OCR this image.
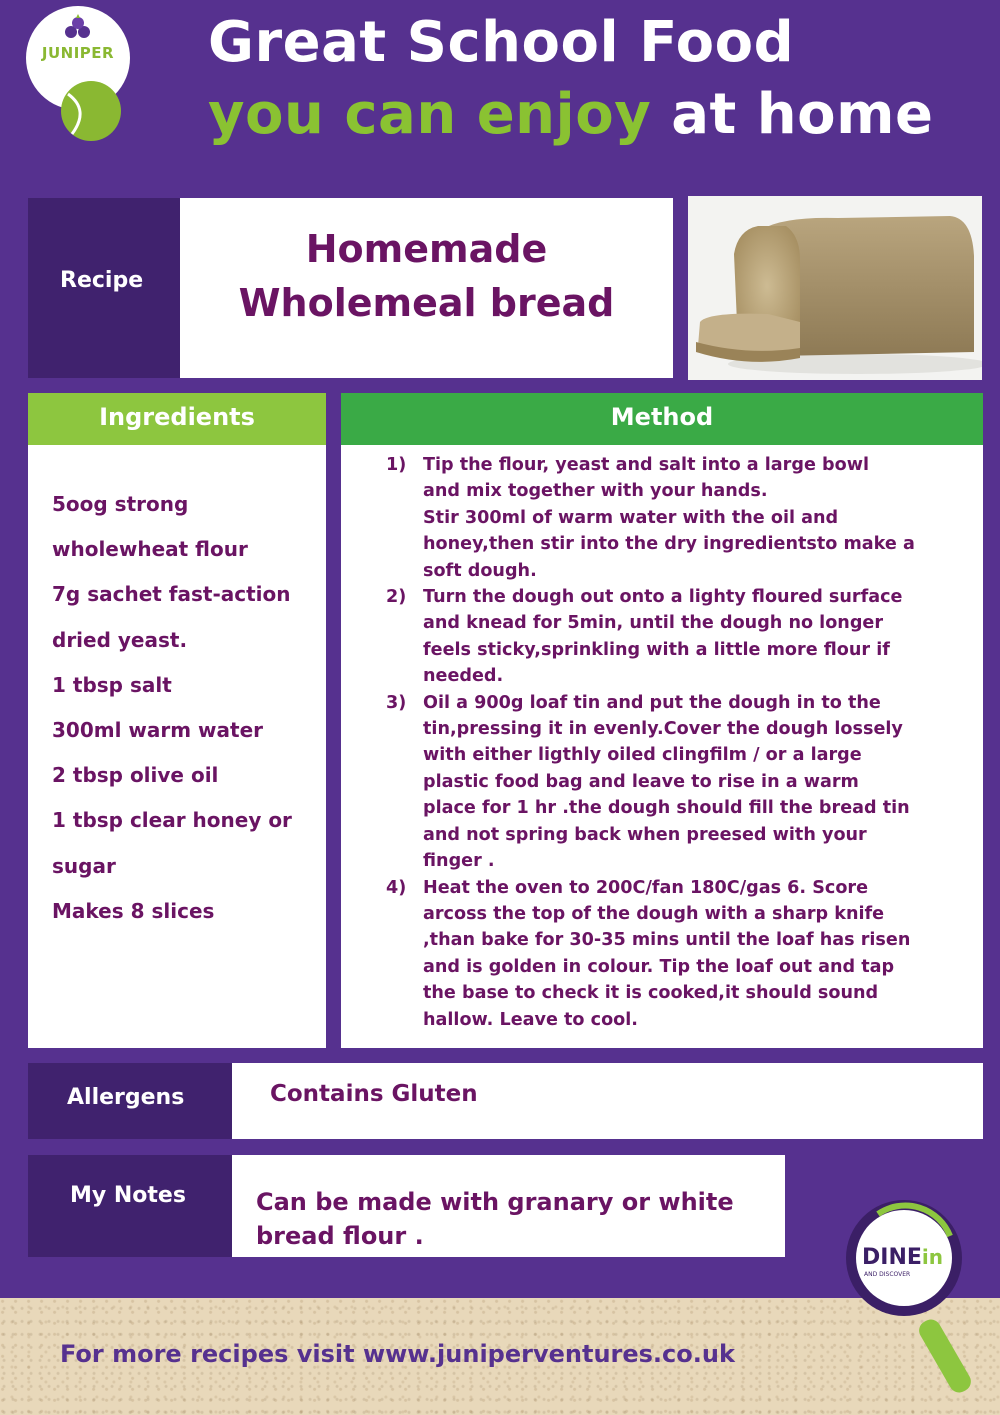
JUNIPER Great School Food
you can enjoy at home
Recipe
Homemade
Wholemeal bread
Ingredients
5oog strong
wholewheat flour
7g sachet fast-action
dried yeast.
1 tbsp salt
300ml warm water
2 tbsp olive oil
1 tbsp clear honey or
sugar
Makes 8 slices
Method
1) Tip the flour, yeast and salt into a large bowl
and mix together with your hands.
Stir 300ml of warm water with the oil and
honey,then stir into the dry ingredientsto make a
soft dough.
2) Turn the dough out onto a lighty floured surface
and knead for 5min, until the dough no longer
feels sticky,sprinkling with a little more flour if
needed.
3) Oil a 900g loaf tin and put the dough in to the
tin,pressing it in evenly.Cover the dough lossely
with either ligthly oiled clingfilm / or a large
plastic food bag and leave to rise in a warm
place for 1 hr .the dough should fill the bread tin
and not spring back when preesed with your
finger .
4) Heat the oven to 200C/fan 180C/gas 6. Score
arcoss the top of the dough with a sharp knife
,than bake for 30-35 mins until the loaf has risen
and is golden in colour. Tip the loaf out and tap
the base to check it is cooked,it should sound
hallow. Leave to cool.
Allergens	Contains Gluten
My Notes	Can be made with granary or white
bread flour .
For more recipes visit www.juniperventures.co.uk
DINEin
AND DISCOVER
